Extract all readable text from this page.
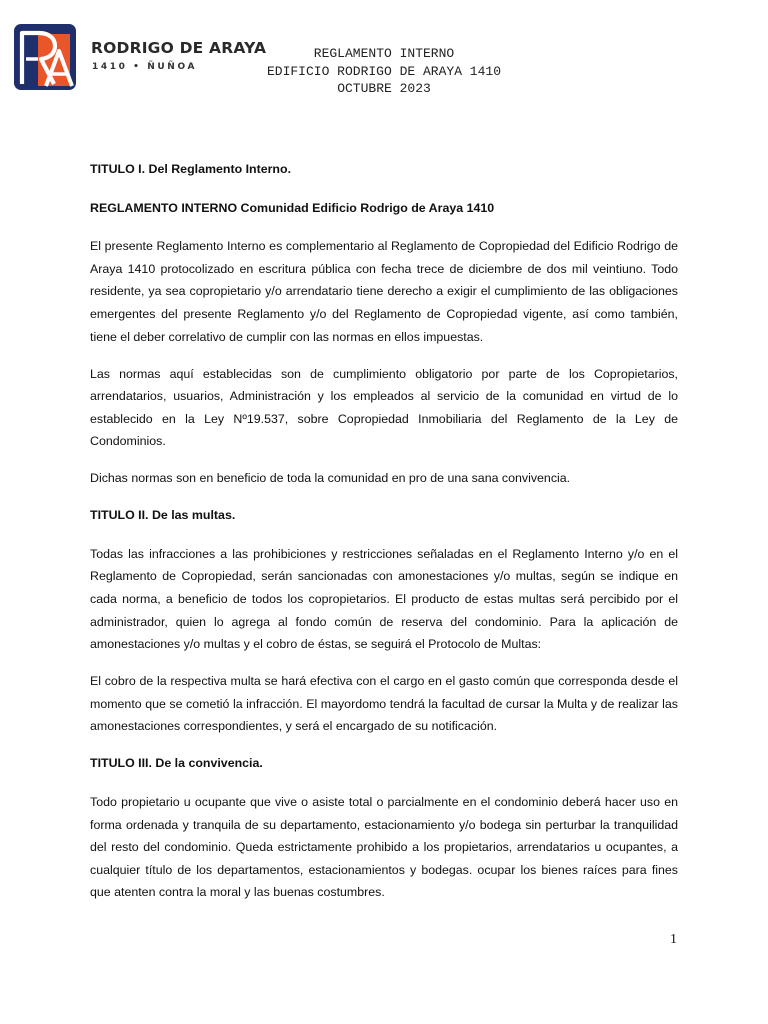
RODRIGO DE ARAYA
1410 • ÑUÑOA
REGLAMENTO INTERNO
EDIFICIO RODRIGO DE ARAYA 1410
OCTUBRE 2023

TITULO I. Del Reglamento Interno.

REGLAMENTO INTERNO Comunidad Edificio Rodrigo de Araya 1410

El presente Reglamento Interno es complementario al Reglamento de Copropiedad del Edificio Rodrigo de Araya 1410 protocolizado en escritura pública con fecha trece de diciembre de dos mil veintiuno. Todo residente, ya sea copropietario y/o arrendatario tiene derecho a exigir el cumplimiento de las obligaciones emergentes del presente Reglamento y/o del Reglamento de Copropiedad vigente, así como también, tiene el deber correlativo de cumplir con las normas en ellos impuestas.

Las normas aquí establecidas son de cumplimiento obligatorio por parte de los Copropietarios, arrendatarios, usuarios, Administración y los empleados al servicio de la comunidad en virtud de lo establecido en la Ley Nº19.537, sobre Copropiedad Inmobiliaria del Reglamento de la Ley de Condominios.

Dichas normas son en beneficio de toda la comunidad en pro de una sana convivencia.

TITULO II. De las multas.

Todas las infracciones a las prohibiciones y restricciones señaladas en el Reglamento Interno y/o en el Reglamento de Copropiedad, serán sancionadas con amonestaciones y/o multas, según se indique en cada norma, a beneficio de todos los copropietarios. El producto de estas multas será percibido por el administrador, quien lo agrega al fondo común de reserva del condominio. Para la aplicación de amonestaciones y/o multas y el cobro de éstas, se seguirá el Protocolo de Multas:

El cobro de la respectiva multa se hará efectiva con el cargo en el gasto común que corresponda desde el momento que se cometió la infracción. El mayordomo tendrá la facultad de cursar la Multa y de realizar las amonestaciones correspondientes, y será el encargado de su notificación.

TITULO III. De la convivencia.

Todo propietario u ocupante que vive o asiste total o parcialmente en el condominio deberá hacer uso en forma ordenada y tranquila de su departamento, estacionamiento y/o bodega sin perturbar la tranquilidad del resto del condominio. Queda estrictamente prohibido a los propietarios, arrendatarios u ocupantes, a cualquier título de los departamentos, estacionamientos y bodegas. ocupar los bienes raíces para fines que atenten contra la moral y las buenas costumbres.

1
